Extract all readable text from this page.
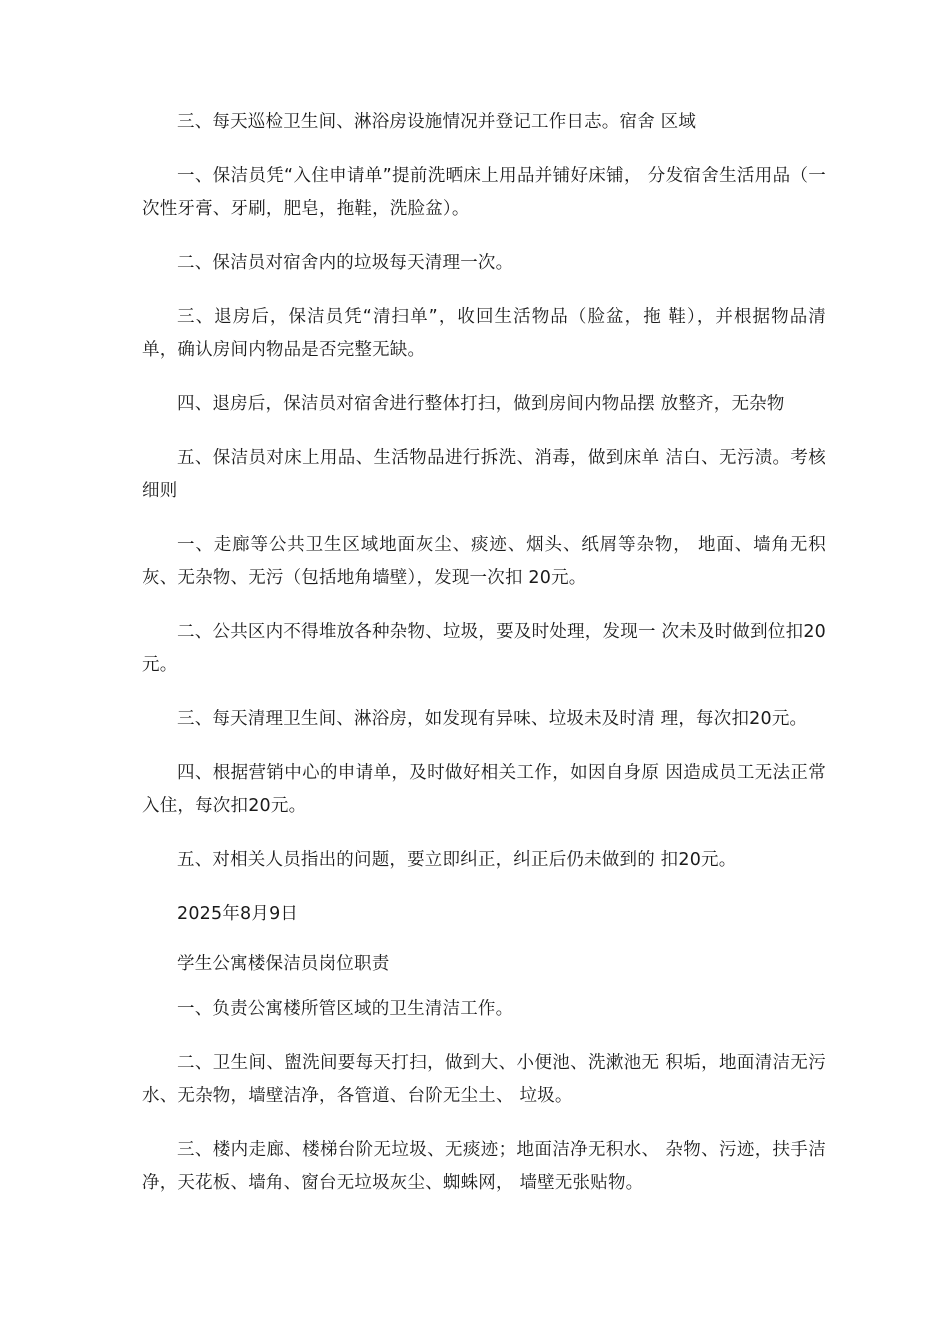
三、每天巡检卫生间、淋浴房设施情况并登记工作日志。宿舍 区域

一、保洁员凭“入住申请单”提前洗晒床上用品并铺好床铺， 分发宿舍生活用品（一次性牙膏、牙刷，肥皂，拖鞋，洗脸盆）。

二、保洁员对宿舍内的垃圾每天清理一次。

三、退房后，保洁员凭“清扫单”，收回生活物品（脸盆，拖 鞋），并根据物品清单，确认房间内物品是否完整无缺。

四、退房后，保洁员对宿舍进行整体打扫，做到房间内物品摆 放整齐，无杂物

五、保洁员对床上用品、生活物品进行拆洗、消毒，做到床单 洁白、无污渍。考核细则

一、走廊等公共卫生区域地面灰尘、痰迹、烟头、纸屑等杂物， 地面、墙角无积灰、无杂物、无污（包括地角墙壁），发现一次扣 20元。

二、公共区内不得堆放各种杂物、垃圾，要及时处理，发现一 次未及时做到位扣20元。

三、每天清理卫生间、淋浴房，如发现有异味、垃圾未及时清 理，每次扣20元。

四、根据营销中心的申请单，及时做好相关工作，如因自身原 因造成员工无法正常入住，每次扣20元。

五、对相关人员指出的问题，要立即纠正，纠正后仍未做到的 扣20元。

2025年8月9日

学生公寓楼保洁员岗位职责

一、负责公寓楼所管区域的卫生清洁工作。

二、卫生间、盥洗间要每天打扫，做到大、小便池、洗漱池无 积垢，地面清洁无污水、无杂物，墙壁洁净，各管道、台阶无尘土、 垃圾。

三、楼内走廊、楼梯台阶无垃圾、无痰迹；地面洁净无积水、 杂物、污迹，扶手洁净，天花板、墙角、窗台无垃圾灰尘、蜘蛛网， 墙壁无张贴物。
